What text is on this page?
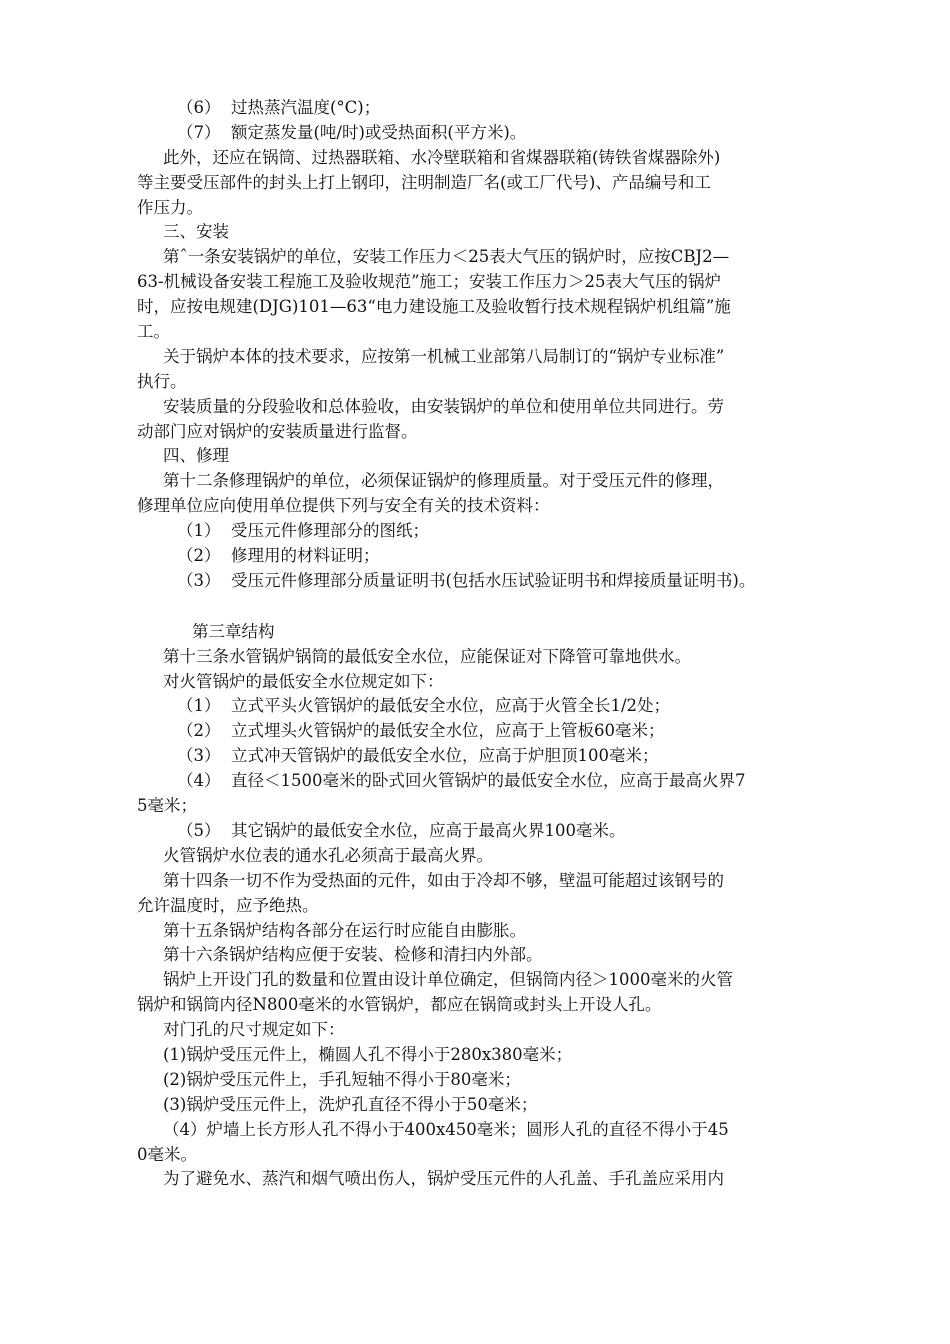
（6）  过热蒸汽温度(°C)；
（7）  额定蒸发量(吨/时)或受热面积(平方米)。
此外，还应在锅筒、过热器联箱、水冷壁联箱和省煤器联箱(铸铁省煤器除外)
等主要受压部件的封头上打上钢印，注明制造厂名(或工厂代号)、产品编号和工
作压力。
三、安装
第ˆ一条安装锅炉的单位，安装工作压力＜25表大气压的锅炉时，应按CBJ2—
63-机械设备安装工程施工及验收规范”施工；安装工作压力＞25表大气压的锅炉
时，应按电规建(DJG)101—63“电力建设施工及验收暂行技术规程锅炉机组篇”施
工。
关于锅炉本体的技术要求，应按第一机械工业部第八局制订的“锅炉专业标准”
执行。
安装质量的分段验收和总体验收，由安装锅炉的单位和使用单位共同进行。劳
动部门应对锅炉的安装质量进行监督。
四、修理
第十二条修理锅炉的单位，必须保证锅炉的修理质量。对于受压元件的修理，
修理单位应向使用单位提供下列与安全有关的技术资料：
（1）  受压元件修理部分的图纸；
（2）  修理用的材料证明；
（3）  受压元件修理部分质量证明书(包括水压试验证明书和焊接质量证明书)。
第三章结构
第十三条水管锅炉锅筒的最低安全水位，应能保证对下降管可靠地供水。
对火管锅炉的最低安全水位规定如下：
（1）  立式平头火管锅炉的最低安全水位，应高于火管全长1/2处；
（2）  立式埋头火管锅炉的最低安全水位，应高于上管板60毫米；
（3）  立式冲天管锅炉的最低安全水位，应高于炉胆顶100毫米；
（4）  直径＜1500毫米的卧式回火管锅炉的最低安全水位，应高于最高火界7
5毫米；
（5）  其它锅炉的最低安全水位，应高于最高火界100毫米。
火管锅炉水位表的通水孔必须高于最高火界。
第十四条一切不作为受热面的元件，如由于冷却不够，壁温可能超过该钢号的
允许温度时，应予绝热。
第十五条锅炉结构各部分在运行时应能自由膨胀。
第十六条锅炉结构应便于安装、检修和清扫内外部。
锅炉上开设门孔的数量和位置由设计单位确定，但锅筒内径＞1000毫米的火管
锅炉和锅筒内径N800毫米的水管锅炉，都应在锅筒或封头上开设人孔。
对门孔的尺寸规定如下：
(1)锅炉受压元件上，椭圆人孔不得小于280x380毫米；
(2)锅炉受压元件上，手孔短轴不得小于80毫米；
(3)锅炉受压元件上，洗炉孔直径不得小于50毫米；
（4）炉墙上长方形人孔不得小于400x450毫米；圆形人孔的直径不得小于45
0毫米。
为了避免水、蒸汽和烟气喷出伤人，锅炉受压元件的人孔盖、手孔盖应采用内
